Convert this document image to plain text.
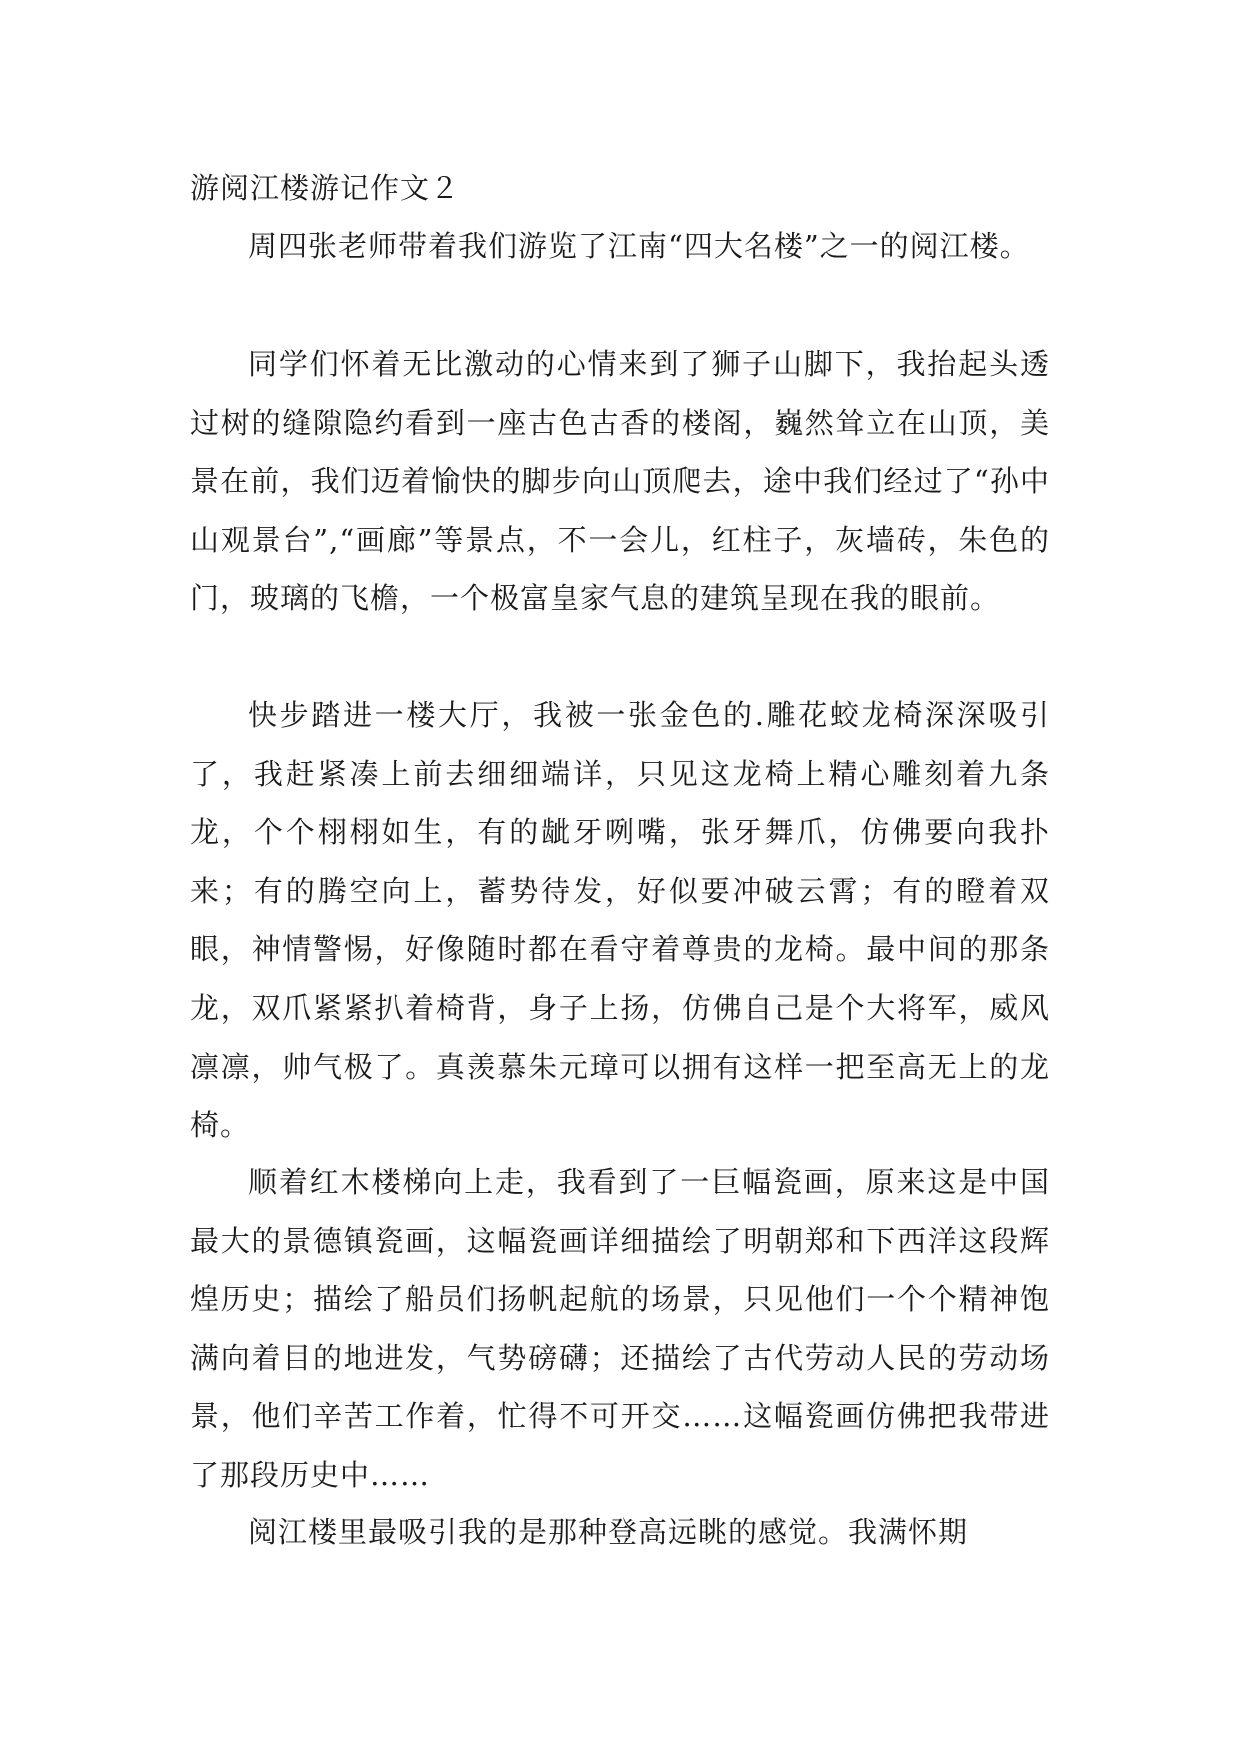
游阅江楼游记作文２

周四张老师带着我们游览了江南“四大名楼”之一的阅江楼。

同学们怀着无比激动的心情来到了狮子山脚下，我抬起头透过树的缝隙隐约看到一座古色古香的楼阁，巍然耸立在山顶，美景在前，我们迈着愉快的脚步向山顶爬去，途中我们经过了“孙中山观景台”,“画廊”等景点，不一会儿，红柱子，灰墙砖，朱色的门，玻璃的飞檐，一个极富皇家气息的建筑呈现在我的眼前。

快步踏进一楼大厅，我被一张金色的.雕花蛟龙椅深深吸引了，我赶紧凑上前去细细端详，只见这龙椅上精心雕刻着九条龙，个个栩栩如生，有的龇牙咧嘴，张牙舞爪，仿佛要向我扑来；有的腾空向上，蓄势待发，好似要冲破云霄；有的瞪着双眼，神情警惕，好像随时都在看守着尊贵的龙椅。最中间的那条龙，双爪紧紧扒着椅背，身子上扬，仿佛自己是个大将军，威风凛凛，帅气极了。真羡慕朱元璋可以拥有这样一把至高无上的龙椅。

顺着红木楼梯向上走，我看到了一巨幅瓷画，原来这是中国最大的景德镇瓷画，这幅瓷画详细描绘了明朝郑和下西洋这段辉煌历史；描绘了船员们扬帆起航的场景，只见他们一个个精神饱满向着目的地进发，气势磅礴；还描绘了古代劳动人民的劳动场景，他们辛苦工作着，忙得不可开交……这幅瓷画仿佛把我带进了那段历史中……

阅江楼里最吸引我的是那种登高远眺的感觉。我满怀期
